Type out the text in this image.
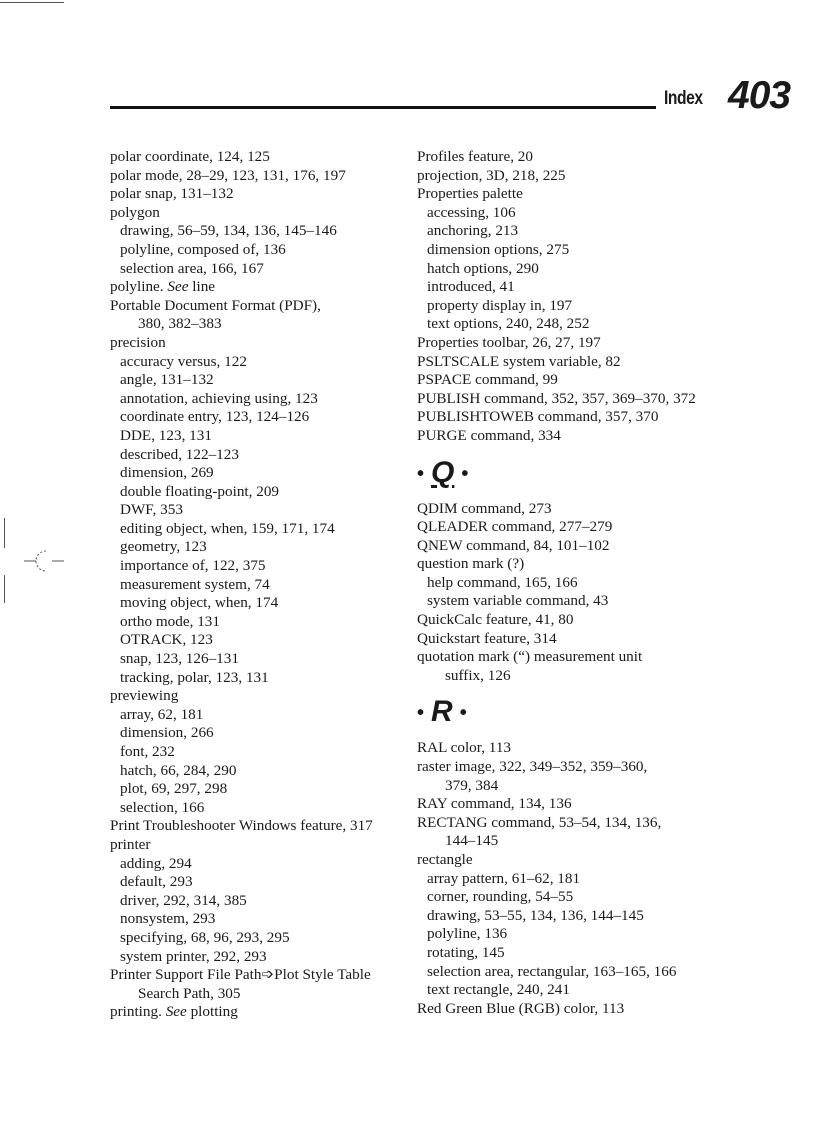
Index 403
polar coordinate, 124, 125
polar mode, 28–29, 123, 131, 176, 197
polar snap, 131–132
polygon
drawing, 56–59, 134, 136, 145–146
polyline, composed of, 136
selection area, 166, 167
polyline. See line
Portable Document Format (PDF),
380, 382–383
precision
accuracy versus, 122
angle, 131–132
annotation, achieving using, 123
coordinate entry, 123, 124–126
DDE, 123, 131
described, 122–123
dimension, 269
double floating-point, 209
DWF, 353
editing object, when, 159, 171, 174
geometry, 123
importance of, 122, 375
measurement system, 74
moving object, when, 174
ortho mode, 131
OTRACK, 123
snap, 123, 126–131
tracking, polar, 123, 131
previewing
array, 62, 181
dimension, 266
font, 232
hatch, 66, 284, 290
plot, 69, 297, 298
selection, 166
Print Troubleshooter Windows feature, 317
printer
adding, 294
default, 293
driver, 292, 314, 385
nonsystem, 293
specifying, 68, 96, 293, 295
system printer, 292, 293
Printer Support File Path➩Plot Style Table
Search Path, 305
printing. See plotting
Profiles feature, 20
projection, 3D, 218, 225
Properties palette
accessing, 106
anchoring, 213
dimension options, 275
hatch options, 290
introduced, 41
property display in, 197
text options, 240, 248, 252
Properties toolbar, 26, 27, 197
PSLTSCALE system variable, 82
PSPACE command, 99
PUBLISH command, 352, 357, 369–370, 372
PUBLISHTOWEB command, 357, 370
PURGE command, 334
• Q •
QDIM command, 273
QLEADER command, 277–279
QNEW command, 84, 101–102
question mark (?)
help command, 165, 166
system variable command, 43
QuickCalc feature, 41, 80
Quickstart feature, 314
quotation mark (“) measurement unit
suffix, 126
• R •
RAL color, 113
raster image, 322, 349–352, 359–360,
379, 384
RAY command, 134, 136
RECTANG command, 53–54, 134, 136,
144–145
rectangle
array pattern, 61–62, 181
corner, rounding, 54–55
drawing, 53–55, 134, 136, 144–145
polyline, 136
rotating, 145
selection area, rectangular, 163–165, 166
text rectangle, 240, 241
Red Green Blue (RGB) color, 113
